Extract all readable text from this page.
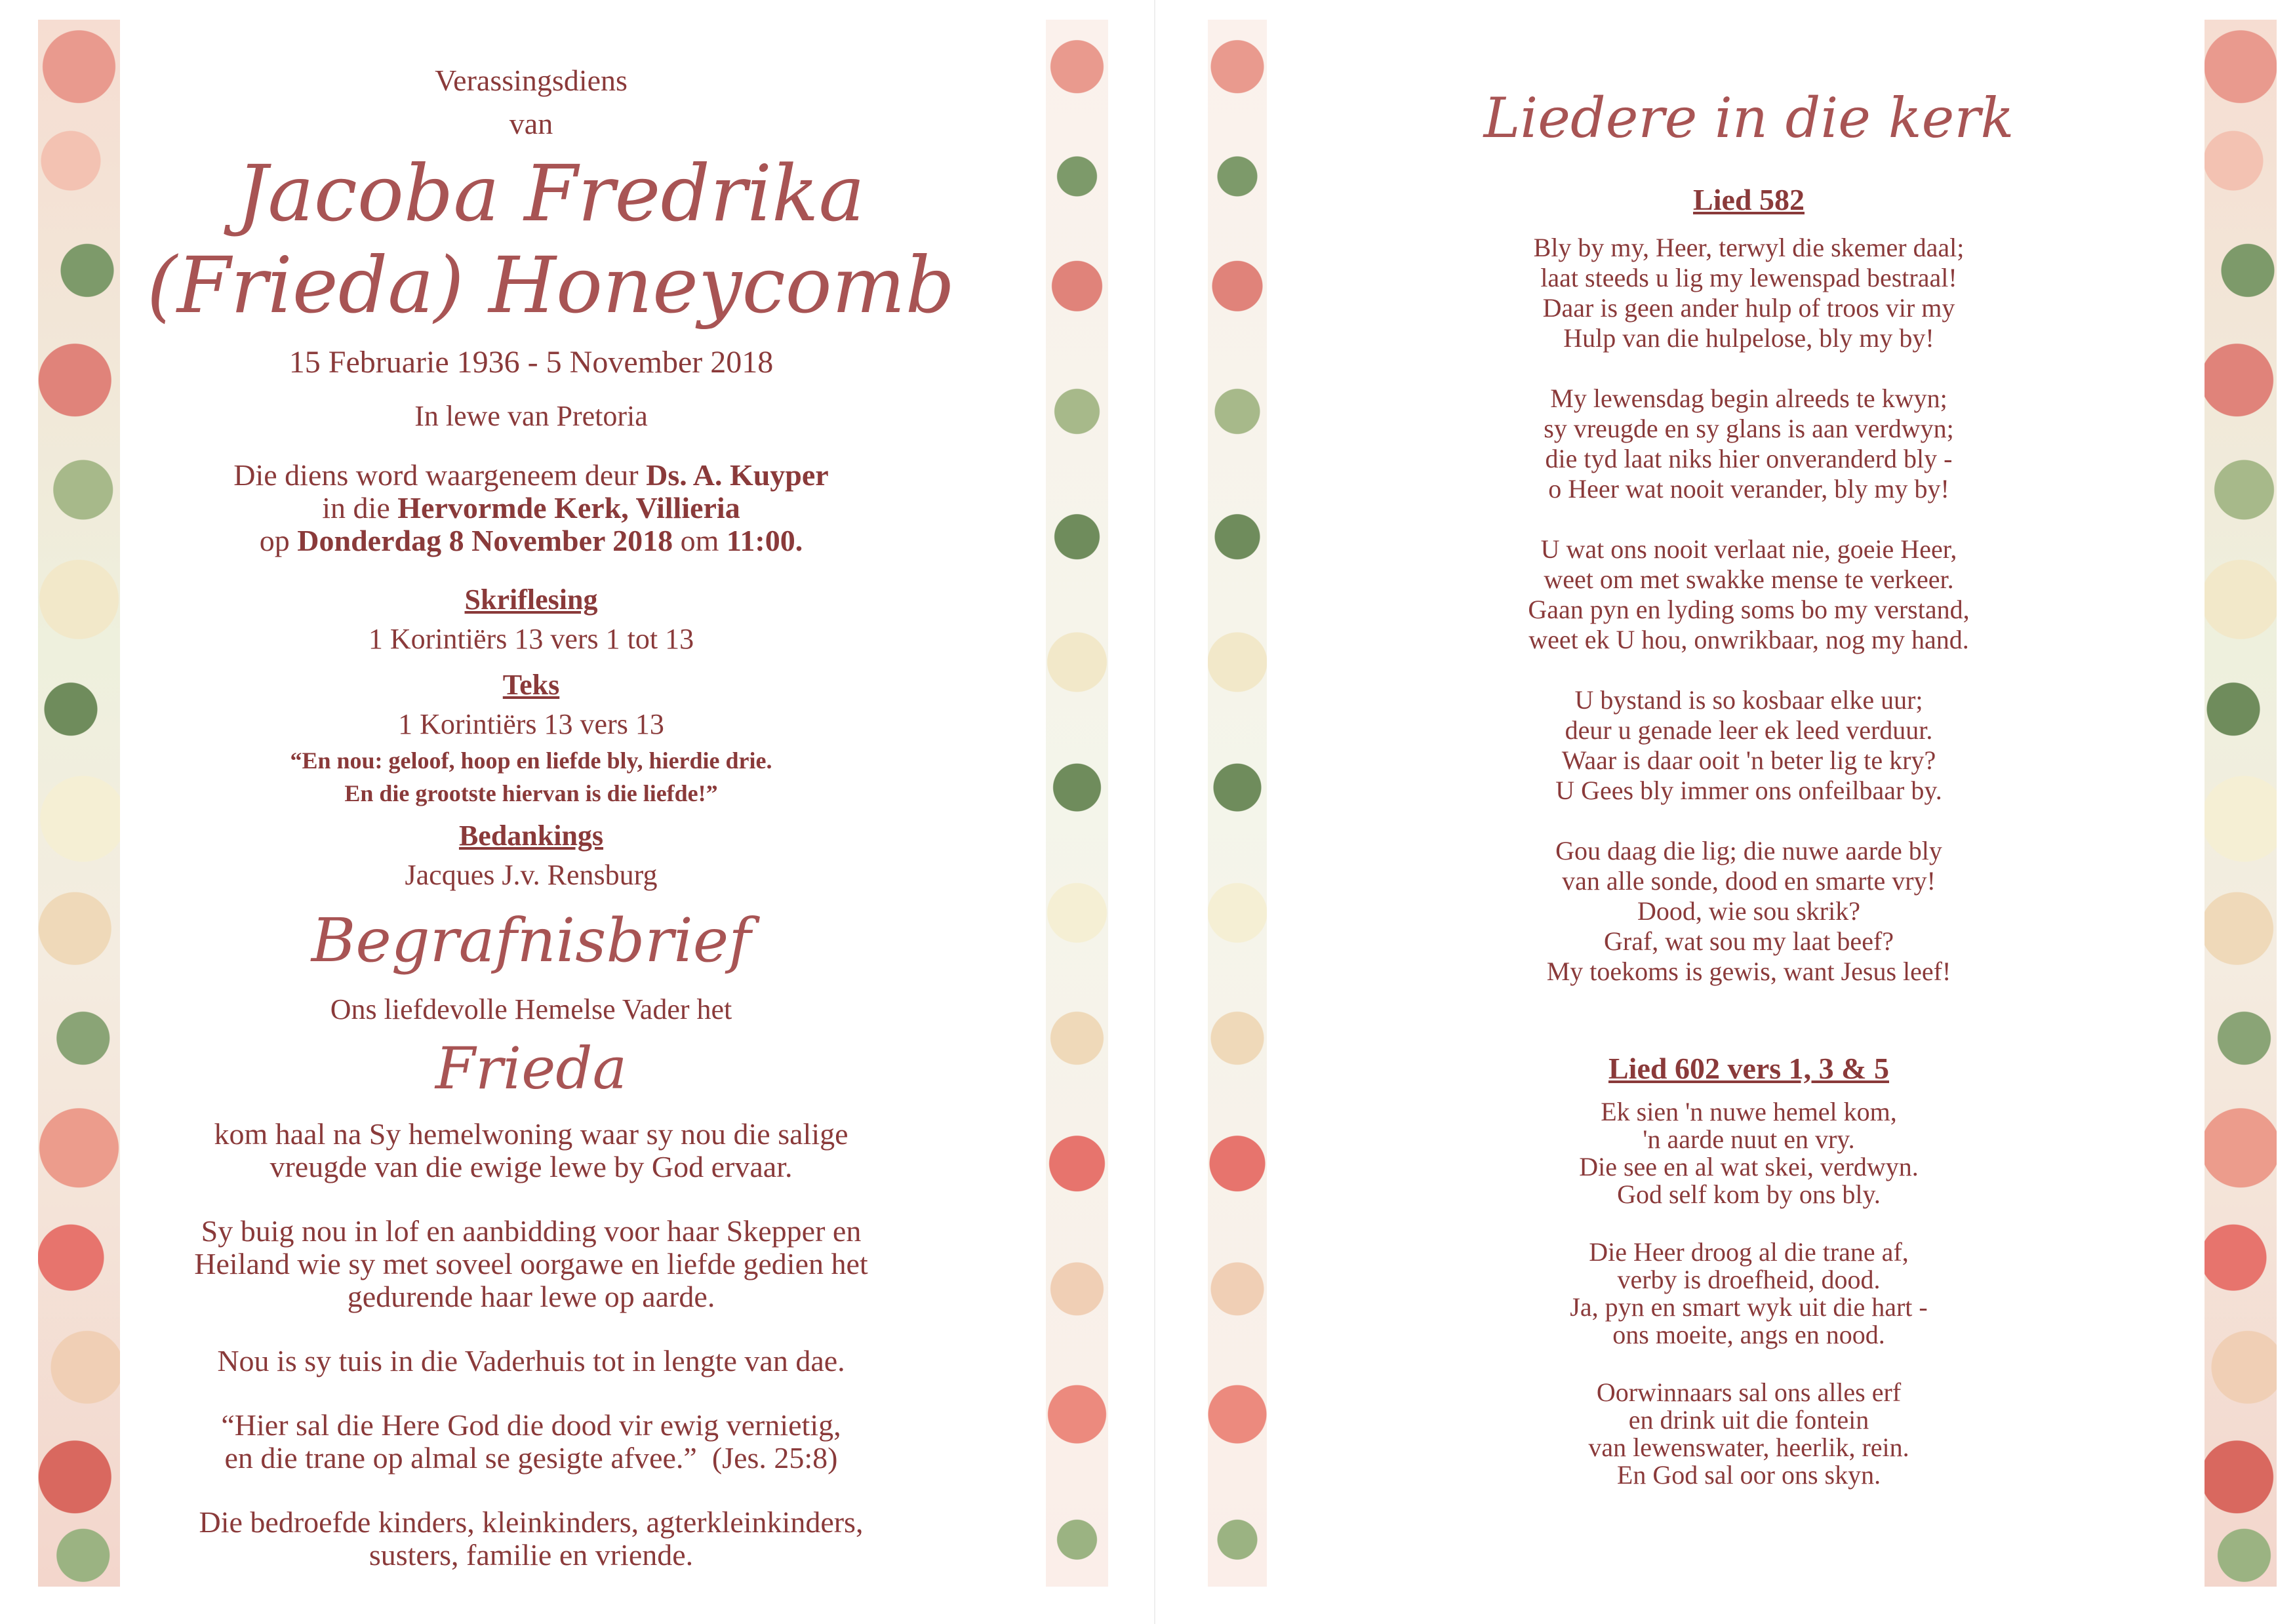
Verassingsdiens

van

Jacoba Fredrika

(Frieda) Honeycomb

15 Februarie 1936 - 5 November 2018

In lewe van Pretoria

Die diens word waargeneem deur Ds. A. Kuyper

in die Hervormde Kerk, Villieria

op Donderdag 8 November 2018 om 11:00.

Skriflesing

1 Korintiërs 13 vers 1 tot 13

Teks

1 Korintiërs 13 vers 13

“En nou: geloof, hoop en liefde bly, hierdie drie.

En die grootste hiervan is die liefde!”

Bedankings

Jacques J.v. Rensburg

Begrafnisbrief

Ons liefdevolle Hemelse Vader het

Frieda

kom haal na Sy hemelwoning waar sy nou die salige

vreugde van die ewige lewe by God ervaar.

Sy buig nou in lof en aanbidding voor haar Skepper en

Heiland wie sy met soveel oorgawe en liefde gedien het

gedurende haar lewe op aarde.

Nou is sy tuis in die Vaderhuis tot in lengte van dae.

“Hier sal die Here God die dood vir ewig vernietig,

en die trane op almal se gesigte afvee.” (Jes. 25:8)

Die bedroefde kinders, kleinkinders, agterkleinkinders,

susters, familie en vriende.

Liedere in die kerk

Lied 582

Bly by my, Heer, terwyl die skemer daal;

laat steeds u lig my lewenspad bestraal!

Daar is geen ander hulp of troos vir my

Hulp van die hulpelose, bly my by!

My lewensdag begin alreeds te kwyn;

sy vreugde en sy glans is aan verdwyn;

die tyd laat niks hier onveranderd bly -

o Heer wat nooit verander, bly my by!

U wat ons nooit verlaat nie, goeie Heer,

weet om met swakke mense te verkeer.

Gaan pyn en lyding soms bo my verstand,

weet ek U hou, onwrikbaar, nog my hand.

U bystand is so kosbaar elke uur;

deur u genade leer ek leed verduur.

Waar is daar ooit 'n beter lig te kry?

U Gees bly immer ons onfeilbaar by.

Gou daag die lig; die nuwe aarde bly

van alle sonde, dood en smarte vry!

Dood, wie sou skrik?

Graf, wat sou my laat beef?

My toekoms is gewis, want Jesus leef!

Lied 602 vers 1, 3 & 5

Ek sien 'n nuwe hemel kom,

'n aarde nuut en vry.

Die see en al wat skei, verdwyn.

God self kom by ons bly.

Die Heer droog al die trane af,

verby is droefheid, dood.

Ja, pyn en smart wyk uit die hart -

ons moeite, angs en nood.

Oorwinnaars sal ons alles erf

en drink uit die fontein

van lewenswater, heerlik, rein.

En God sal oor ons skyn.
